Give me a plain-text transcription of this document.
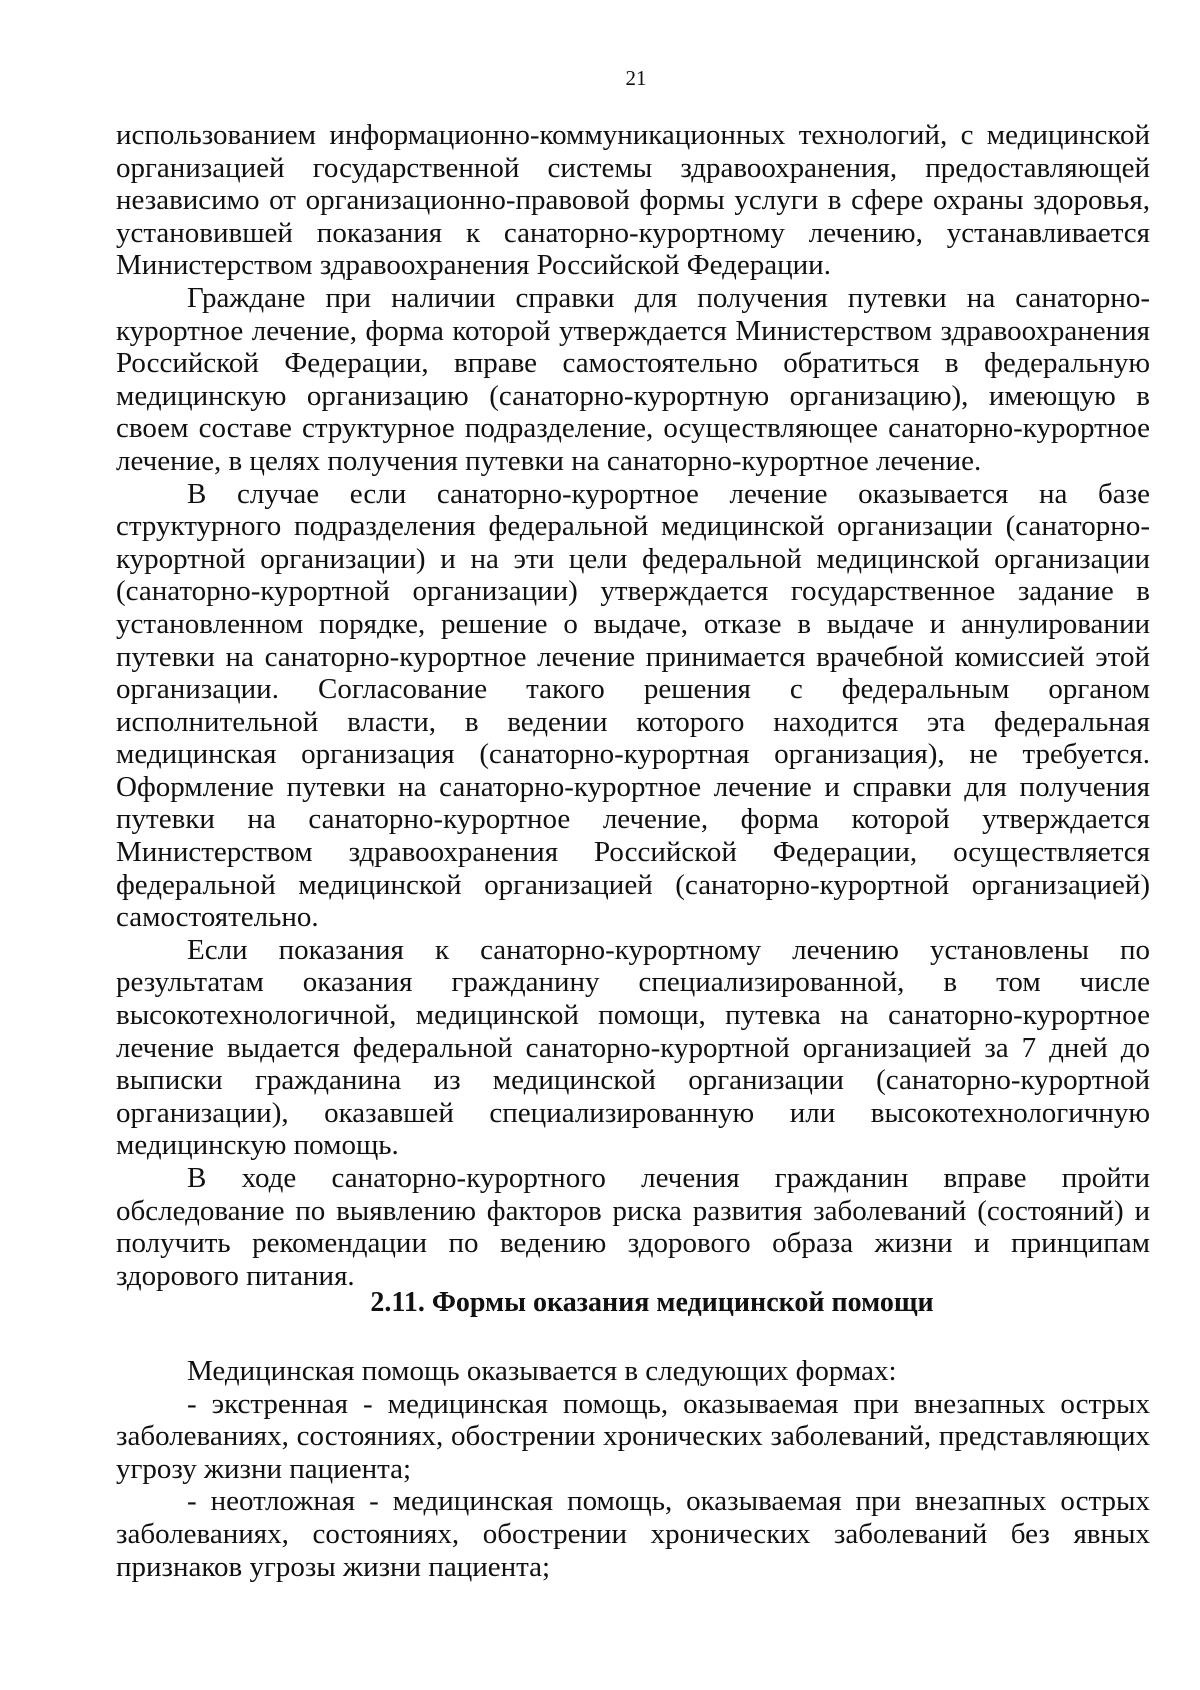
21

использованием информационно-коммуникационных технологий, с медицинской организацией государственной системы здравоохранения, предоставляющей независимо от организационно-правовой формы услуги в сфере охраны здоровья, установившей показания к санаторно-курортному лечению, устанавливается Министерством здравоохранения Российской Федерации.

Граждане при наличии справки для получения путевки на санаторно-курортное лечение, форма которой утверждается Министерством здравоохранения Российской Федерации, вправе самостоятельно обратиться в федеральную медицинскую организацию (санаторно-курортную организацию), имеющую в своем составе структурное подразделение, осуществляющее санаторно-курортное лечение, в целях получения путевки на санаторно-курортное лечение.

В случае если санаторно-курортное лечение оказывается на базе структурного подразделения федеральной медицинской организации (санаторно-курортной организации) и на эти цели федеральной медицинской организации (санаторно-курортной организации) утверждается государственное задание в установленном порядке, решение о выдаче, отказе в выдаче и аннулировании путевки на санаторно-курортное лечение принимается врачебной комиссией этой организации. Согласование такого решения с федеральным органом исполнительной власти, в ведении которого находится эта федеральная медицинская организация (санаторно-курортная организация), не требуется. Оформление путевки на санаторно-курортное лечение и справки для получения путевки на санаторно-курортное лечение, форма которой утверждается Министерством здравоохранения Российской Федерации, осуществляется федеральной медицинской организацией (санаторно-курортной организацией) самостоятельно.

Если показания к санаторно-курортному лечению установлены по результатам оказания гражданину специализированной, в том числе высокотехнологичной, медицинской помощи, путевка на санаторно-курортное лечение выдается федеральной санаторно-курортной организацией за 7 дней до выписки гражданина из медицинской организации (санаторно-курортной организации), оказавшей специализированную или высокотехнологичную медицинскую помощь.

В ходе санаторно-курортного лечения гражданин вправе пройти обследование по выявлению факторов риска развития заболеваний (состояний) и получить рекомендации по ведению здорового образа жизни и принципам здорового питания.

2.11. Формы оказания медицинской помощи

Медицинская помощь оказывается в следующих формах:

- экстренная - медицинская помощь, оказываемая при внезапных острых заболеваниях, состояниях, обострении хронических заболеваний, представляющих угрозу жизни пациента;

- неотложная - медицинская помощь, оказываемая при внезапных острых заболеваниях, состояниях, обострении хронических заболеваний без явных признаков угрозы жизни пациента;
